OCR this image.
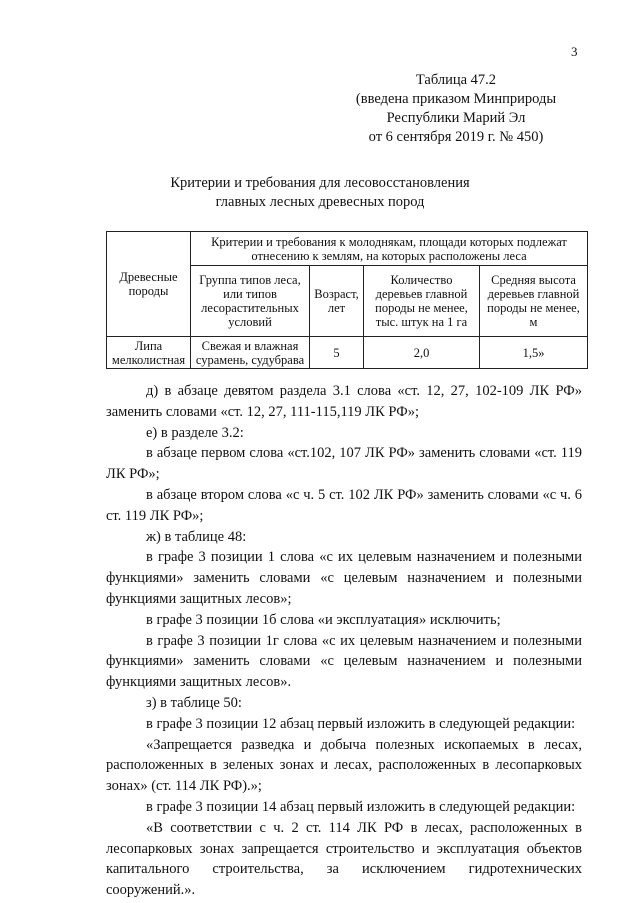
3
Таблица 47.2
(введена приказом Минприроды
Республики Марий Эл
от 6 сентября 2019 г. № 450)
Критерии и требования для лесовосстановления
главных лесных древесных пород
Древесные породы	Критерии и требования к молоднякам, площади которых подлежат отнесению к землям, на которых расположены леса			
	Группа типов леса, или типов лесорастительных условий	Возраст, лет	Количество деревьев главной породы не менее, тыс. штук на 1 га	Средняя высота деревьев главной породы не менее, м
Липа мелколистная	Свежая и влажная сурамень, судубрава	5	2,0	1,5»

д) в абзаце девятом раздела 3.1 слова «ст. 12, 27, 102-109 ЛК РФ» заменить словами «ст. 12, 27, 111-115,119 ЛК РФ»;

е) в разделе 3.2:

в абзаце первом слова «ст.102, 107 ЛК РФ» заменить словами «ст. 119 ЛК РФ»;

в абзаце втором слова «с ч. 5 ст. 102 ЛК РФ» заменить словами «с ч. 6 ст. 119 ЛК РФ»;

ж) в таблице 48:

в графе 3 позиции 1 слова «с их целевым назначением и полезными функциями» заменить словами «с целевым назначением и полезными функциями защитных лесов»;

в графе 3 позиции 1б слова «и эксплуатация» исключить;

в графе 3 позиции 1г слова «с их целевым назначением и полезными функциями» заменить словами «с целевым назначением и полезными функциями защитных лесов».

з) в таблице 50:

в графе 3 позиции 12 абзац первый изложить в следующей редакции:

«Запрещается разведка и добыча полезных ископаемых в лесах, расположенных в зеленых зонах и лесах, расположенных в лесопарковых зонах» (ст. 114 ЛК РФ).»;

в графе 3 позиции 14 абзац первый изложить в следующей редакции:

«В соответствии с ч. 2 ст. 114 ЛК РФ в лесах, расположенных в лесопарковых зонах запрещается строительство и эксплуатация объектов капитального строительства, за исключением гидротехнических сооружений.».
